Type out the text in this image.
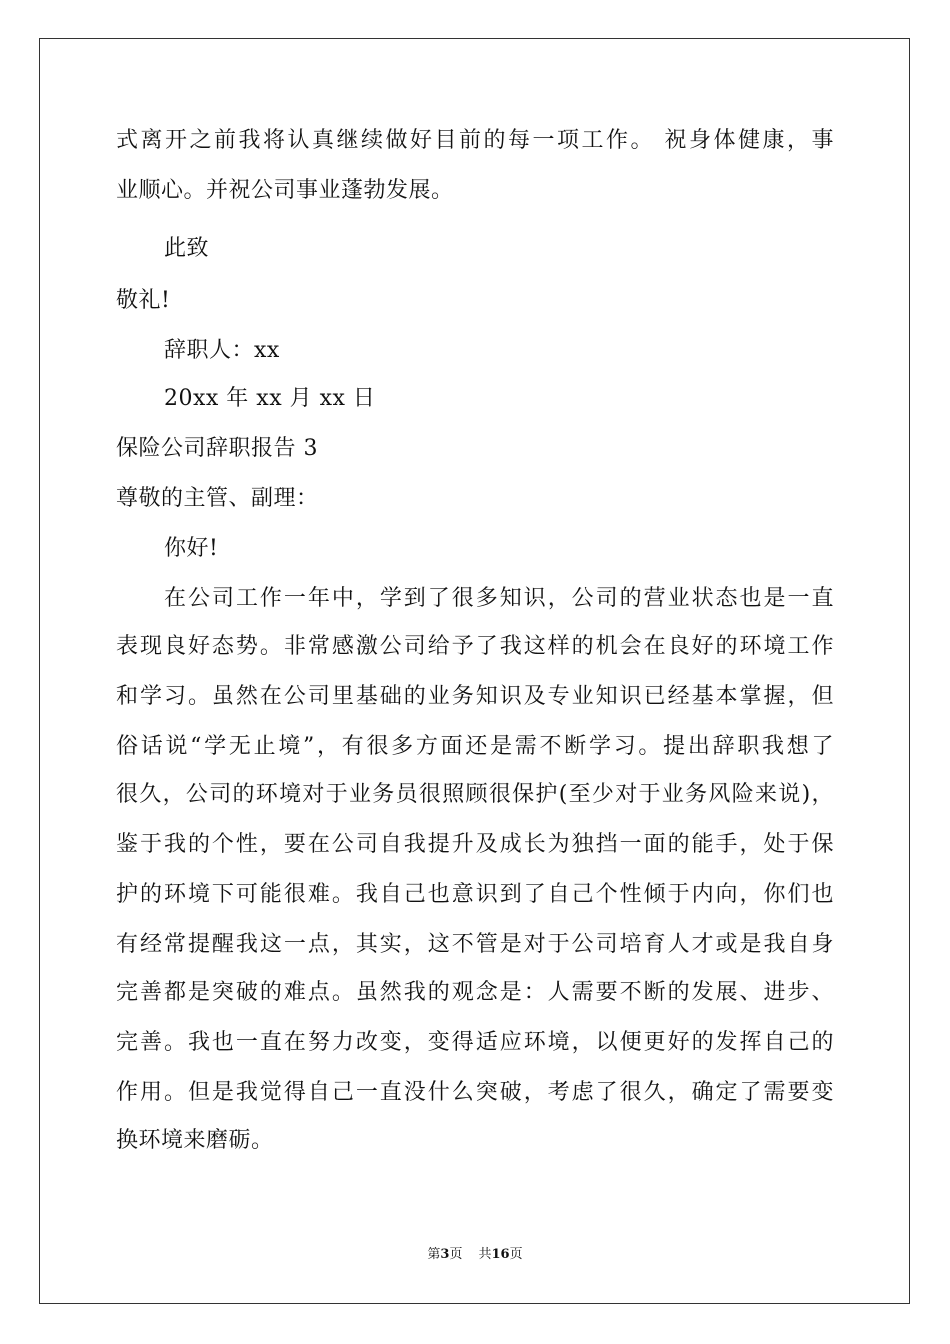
式离开之前我将认真继续做好目前的每一项工作。 祝身体健康，事
业顺心。并祝公司事业蓬勃发展。
此致
敬礼!
辞职人：xx
20xx 年 xx 月 xx 日
保险公司辞职报告 3
尊敬的主管、副理：
你好!
在公司工作一年中，学到了很多知识，公司的营业状态也是一直
表现良好态势。非常感激公司给予了我这样的机会在良好的环境工作
和学习。虽然在公司里基础的业务知识及专业知识已经基本掌握，但
俗话说“学无止境”，有很多方面还是需不断学习。提出辞职我想了
很久，公司的环境对于业务员很照顾很保护(至少对于业务风险来说)，
鉴于我的个性，要在公司自我提升及成长为独挡一面的能手，处于保
护的环境下可能很难。我自己也意识到了自己个性倾于内向，你们也
有经常提醒我这一点，其实，这不管是对于公司培育人才或是我自身
完善都是突破的难点。虽然我的观念是：人需要不断的发展、进步、
完善。我也一直在努力改变，变得适应环境，以便更好的发挥自己的
作用。但是我觉得自己一直没什么突破，考虑了很久，确定了需要变
换环境来磨砺。
第3页 共16页
